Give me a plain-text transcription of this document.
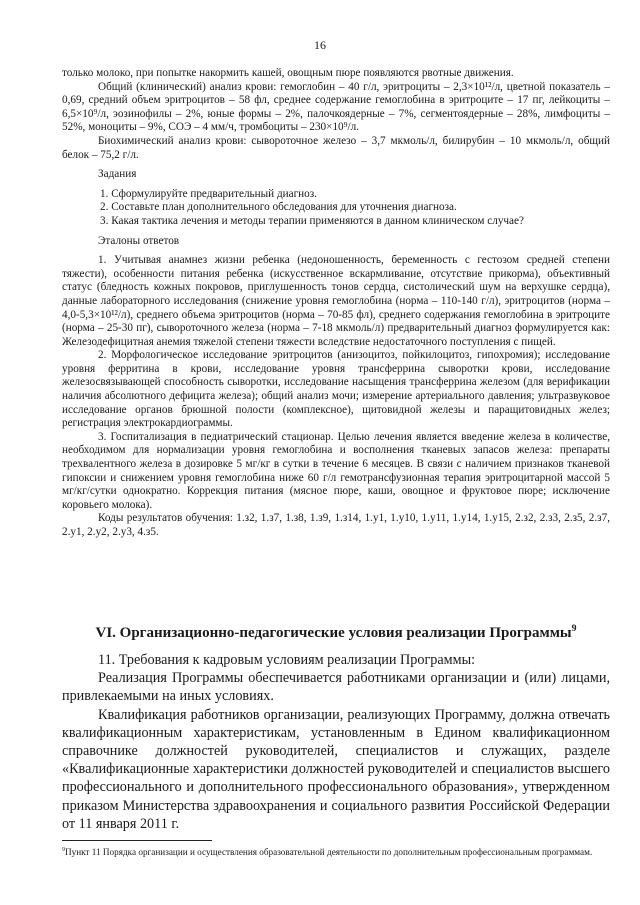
16

только молоко, при попытке накормить кашей, овощным пюре появляются рвотные движения.

Общий (клинический) анализ крови: гемоглобин – 40 г/л, эритроциты – 2,3×10¹²/л, цветной показатель – 0,69, средний объем эритроцитов – 58 фл, среднее содержание гемоглобина в эритроците – 17 пг, лейкоциты – 6,5×10⁹/л, эозинофилы – 2%, юные формы – 2%, палочкоядерные – 7%, сегментоядерные – 28%, лимфоциты – 52%, моноциты – 9%, СОЭ – 4 мм/ч, тромбоциты – 230×10⁹/л.

Биохимический анализ крови: сывороточное железо – 3,7 мкмоль/л, билирубин – 10 мкмоль/л, общий белок – 75,2 г/л.

Задания

1. Сформулируйте предварительный диагноз.

2. Составьте план дополнительного обследования для уточнения диагноза.

3. Какая тактика лечения и методы терапии применяются в данном клиническом случае?

Эталоны ответов

1. Учитывая анамнез жизни ребенка (недоношенность, беременность с гестозом средней степени тяжести), особенности питания ребенка (искусственное вскармливание, отсутствие прикорма), объективный статус (бледность кожных покровов, приглушенность тонов сердца, систолический шум на верхушке сердца), данные лабораторного исследования (снижение уровня гемоглобина (норма – 110-140 г/л), эритроцитов (норма – 4,0-5,3×10¹²/л), среднего объема эритроцитов (норма – 70-85 фл), среднего содержания гемоглобина в эритроците (норма – 25-30 пг), сывороточного железа (норма – 7-18 мкмоль/л) предварительный диагноз формулируется как: Железодефицитная анемия тяжелой степени тяжести вследствие недостаточного поступления с пищей.

2. Морфологическое исследование эритроцитов (анизоцитоз, пойкилоцитоз, гипохромия); исследование уровня ферритина в крови, исследование уровня трансферрина сыворотки крови, исследование железосвязывающей способность сыворотки, исследование насыщения трансферрина железом (для верификации наличия абсолютного дефицита железа); общий анализ мочи; измерение артериального давления; ультразвуковое исследование органов брюшной полости (комплексное), щитовидной железы и паращитовидных желез; регистрация электрокардиограммы.

3. Госпитализация в педиатрический стационар. Целью лечения является введение железа в количестве, необходимом для нормализации уровня гемоглобина и восполнения тканевых запасов железа: препараты трехвалентного железа в дозировке 5 мг/кг в сутки в течение 6 месяцев. В связи с наличием признаков тканевой гипоксии и снижением уровня гемоглобина ниже 60 г/л гемотрансфузионная терапия эритроцитарной массой 5 мг/кг/сутки однократно. Коррекция питания (мясное пюре, каши, овощное и фруктовое пюре; исключение коровьего молока).

Коды результатов обучения: 1.з2, 1.з7, 1.з8, 1.з9, 1.з14, 1.у1, 1.у10, 1.у11, 1.у14, 1.у15, 2.з2, 2.з3, 2.з5, 2.з7, 2.у1, 2.у2, 2.у3, 4.з5.

VI. Организационно-педагогические условия реализации Программы$^9$

11. Требования к кадровым условиям реализации Программы:

Реализация Программы обеспечивается работниками организации и (или) лицами, привлекаемыми на иных условиях.

Квалификация работников организации, реализующих Программу, должна отвечать квалификационным характеристикам, установленным в Едином квалификационном справочнике должностей руководителей, специалистов и служащих, разделе «Квалификационные характеристики должностей руководителей и специалистов высшего профессионального и дополнительного профессионального образования», утвержденном приказом Министерства здравоохранения и социального развития Российской Федерации от 11 января 2011 г.

$^9$Пункт 11 Порядка организации и осуществления образовательной деятельности по дополнительным профессиональным программам.
